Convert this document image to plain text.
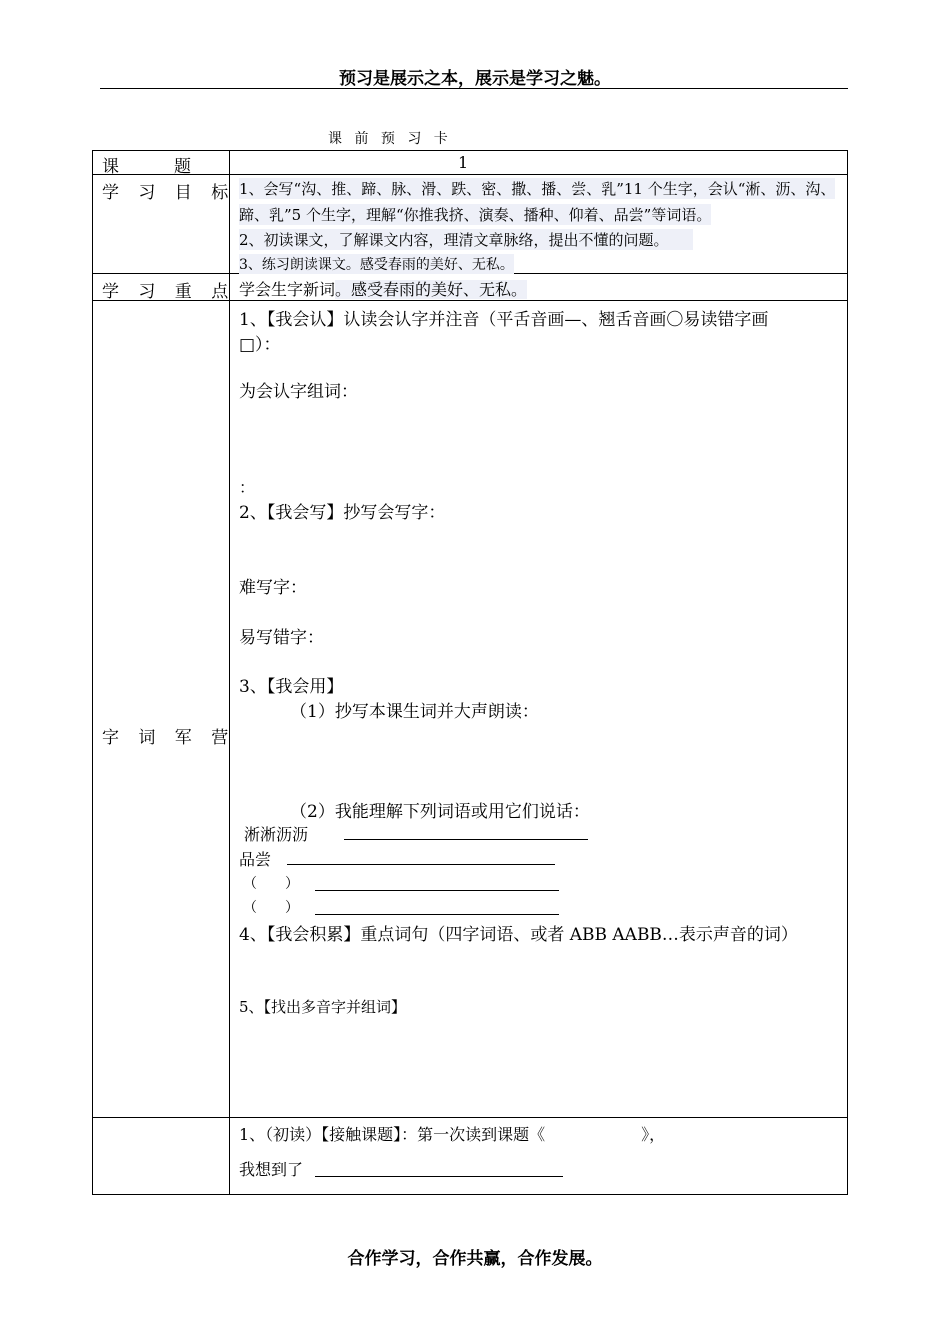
预习是展示之本，展示是学习之魅。
课 前 预 习 卡
课　　题	1
学 习 目 标 1、会写“沟、推、蹄、脉、滑、跌、密、撒、播、尝、乳”11 个生字，会认“淅、沥、沟、
蹄、乳”5 个生字，理解“你推我挤、演奏、播种、仰着、品尝”等词语。
2、初读课文，了解课文内容，理清文章脉络，提出不懂的问题。
3、练习朗读课文。感受春雨的美好、无私。
学 习 重 点 学会生字新词。感受春雨的美好、无私。
字 词 军 营
1、【我会认】认读会认字并注音（平舌音画—、翘舌音画〇易读错字画
□）：
为会认字组词：
：
2、【我会写】抄写会写字：
难写字：
易写错字：
3、【我会用】
（1）抄写本课生词并大声朗读：
（2）我能理解下列词语或用它们说话：
淅淅沥沥
品尝
（　　）
（　　）
4、【我会积累】重点词句（四字词语、或者 ABB AABB…表示声音的词）
5、【找出多音字并组词】
1、（初读）【接触课题】：第一次读到课题《　　　　　　》，
我想到了
合作学习，合作共赢，合作发展。
